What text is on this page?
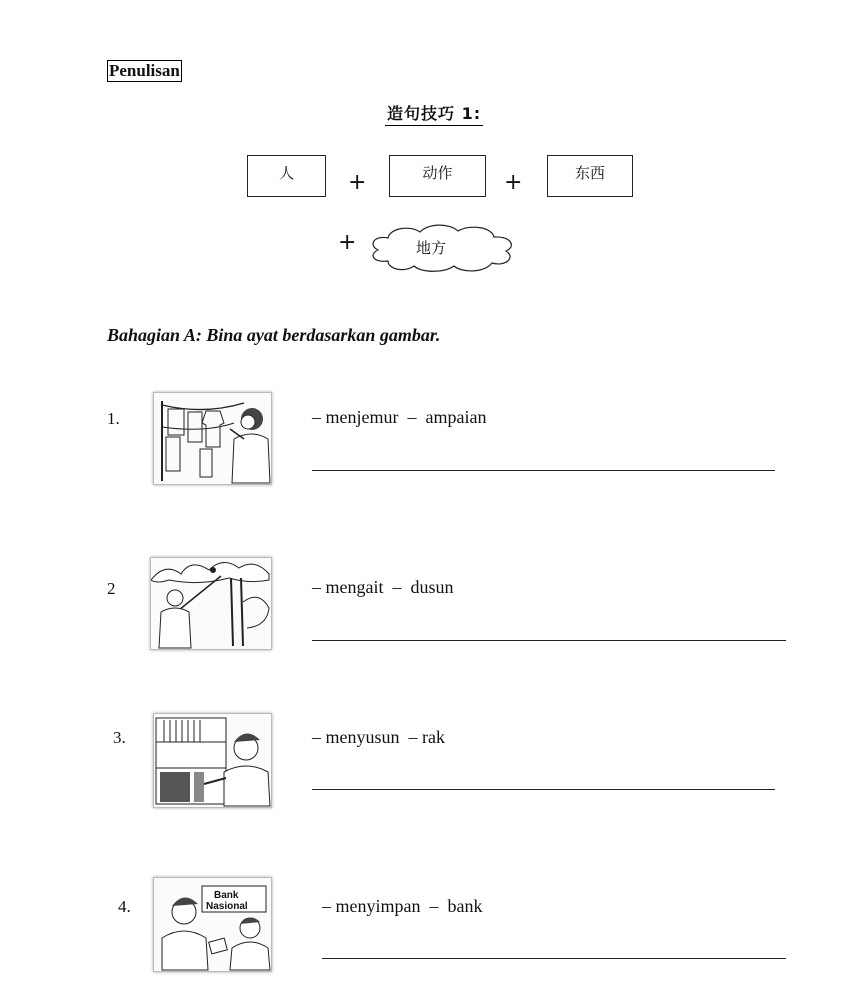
Penulisan
造句技巧 1:
人	+	动作	+	东西
+	地方
Bahagian A: Bina ayat berdasarkan gambar.
1.	– menjemur  –  ampaian
2	– mengait  –  dusun
3.	– menyusun  – rak
4.
Bank
Nasional	– menyimpan  –  bank
